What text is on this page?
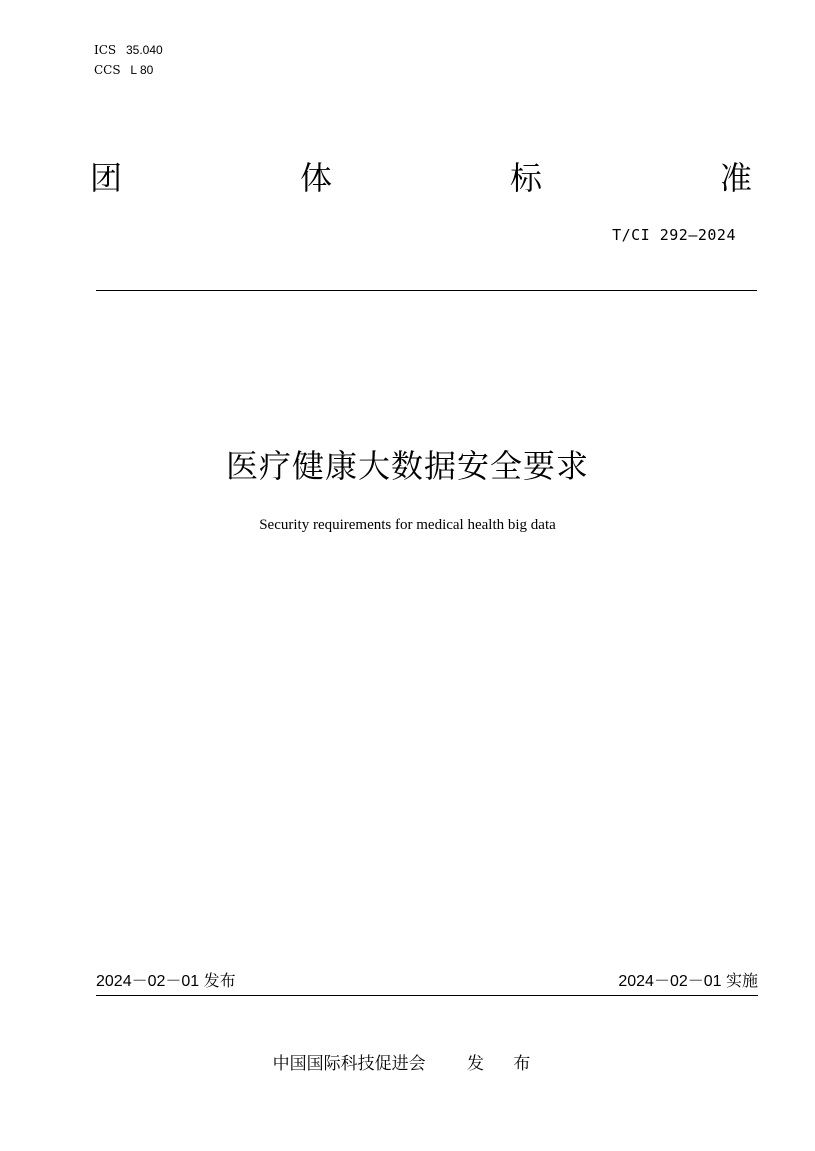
ICS 35.040
CCS L 80
团	体	标	准
T/CI 292—2024
医疗健康大数据安全要求
Security requirements for medical health big data
2024－02－01 发布	2024－02－01 实施
中国国际科技促进会 发 布
